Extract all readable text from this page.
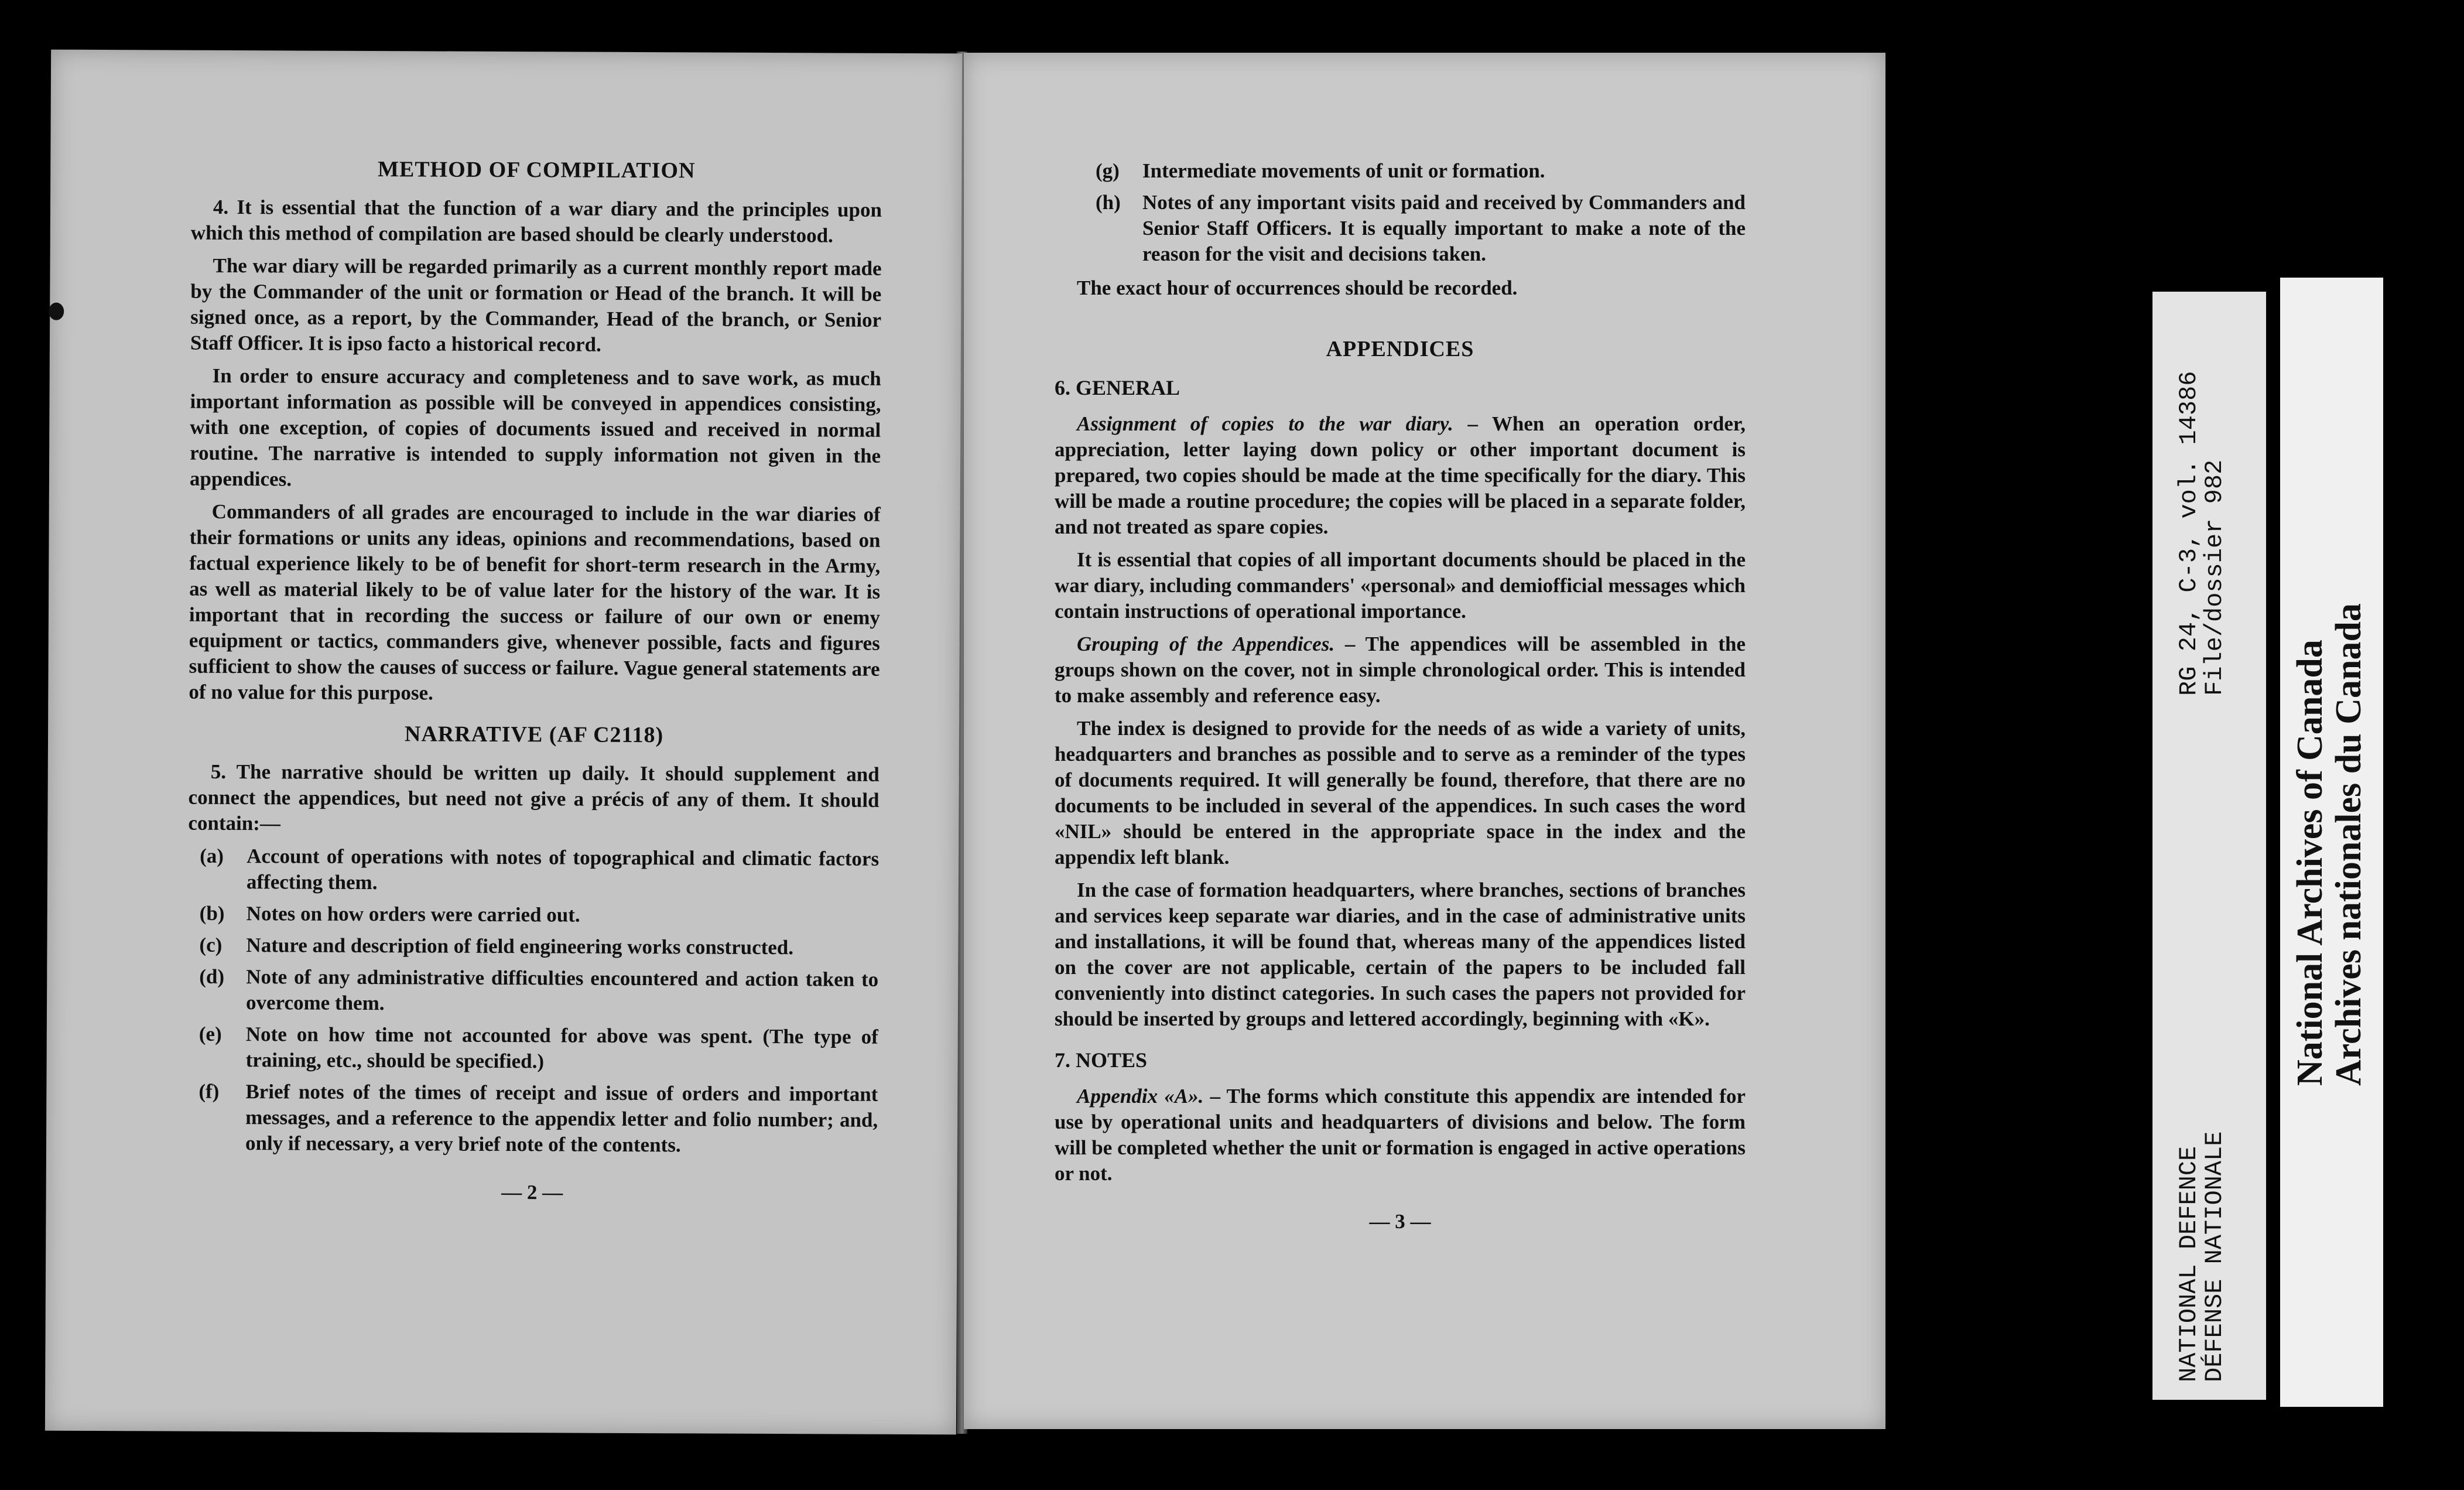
METHOD OF COMPILATION

4. It is essential that the function of a war diary and the principles upon which this method of compilation are based should be clearly understood.

The war diary will be regarded primarily as a current monthly report made by the Commander of the unit or formation or Head of the branch. It will be signed once, as a report, by the Commander, Head of the branch, or Senior Staff Officer. It is ipso facto a historical record.

In order to ensure accuracy and completeness and to save work, as much important information as possible will be conveyed in appendices consisting, with one exception, of copies of documents issued and received in normal routine. The narrative is intended to supply information not given in the appendices.

Commanders of all grades are encouraged to include in the war diaries of their formations or units any ideas, opinions and recommendations, based on factual experience likely to be of benefit for short-term research in the Army, as well as material likely to be of value later for the history of the war. It is important that in recording the success or failure of our own or enemy equipment or tactics, commanders give, whenever possible, facts and figures sufficient to show the causes of success or failure. Vague general statements are of no value for this purpose.

NARRATIVE (AF C2118)

5. The narrative should be written up daily. It should supplement and connect the appendices, but need not give a précis of any of them. It should contain:—

(a)	Account of operations with notes of topographical and climatic factors affecting them.
(b)	Notes on how orders were carried out.
(c)	Nature and description of field engineering works constructed.
(d)	Note of any administrative difficulties encountered and action taken to overcome them.
(e)	Note on how time not accounted for above was spent. (The type of training, etc., should be specified.)
(f)	Brief notes of the times of receipt and issue of orders and important messages, and a reference to the appendix letter and folio number; and, only if necessary, a very brief note of the contents.
— 2 —
(g)	Intermediate movements of unit or formation.
(h)	Notes of any important visits paid and received by Commanders and Senior Staff Officers. It is equally important to make a note of the reason for the visit and decisions taken.

The exact hour of occurrences should be recorded.

APPENDICES
6. GENERAL

Assignment of copies to the war diary. – When an operation order, appreciation, letter laying down policy or other important document is prepared, two copies should be made at the time specifically for the diary. This will be made a routine procedure; the copies will be placed in a separate folder, and not treated as spare copies.

It is essential that copies of all important documents should be placed in the war diary, including commanders' «personal» and demiofficial messages which contain instructions of operational importance.

Grouping of the Appendices. – The appendices will be assembled in the groups shown on the cover, not in simple chronological order. This is intended to make assembly and reference easy.

The index is designed to provide for the needs of as wide a variety of units, headquarters and branches as possible and to serve as a reminder of the types of documents required. It will generally be found, therefore, that there are no documents to be included in several of the appendices. In such cases the word «NIL» should be entered in the appropriate space in the index and the appendix left blank.

In the case of formation headquarters, where branches, sections of branches and services keep separate war diaries, and in the case of administrative units and installations, it will be found that, whereas many of the appendices listed on the cover are not applicable, certain of the papers to be included fall conveniently into distinct categories. In such cases the papers not provided for should be inserted by groups and lettered accordingly, beginning with «K».

7. NOTES

Appendix «A». – The forms which constitute this appendix are intended for use by operational units and headquarters of divisions and below. The form will be completed whether the unit or formation is engaged in active operations or not.

— 3 —	NATIONAL DEFENCE
DÉFENSE NATIONALE
RG 24, C-3, vol. 14386
File/dossier 982
National Archives of Canada
Archives nationales du Canada
